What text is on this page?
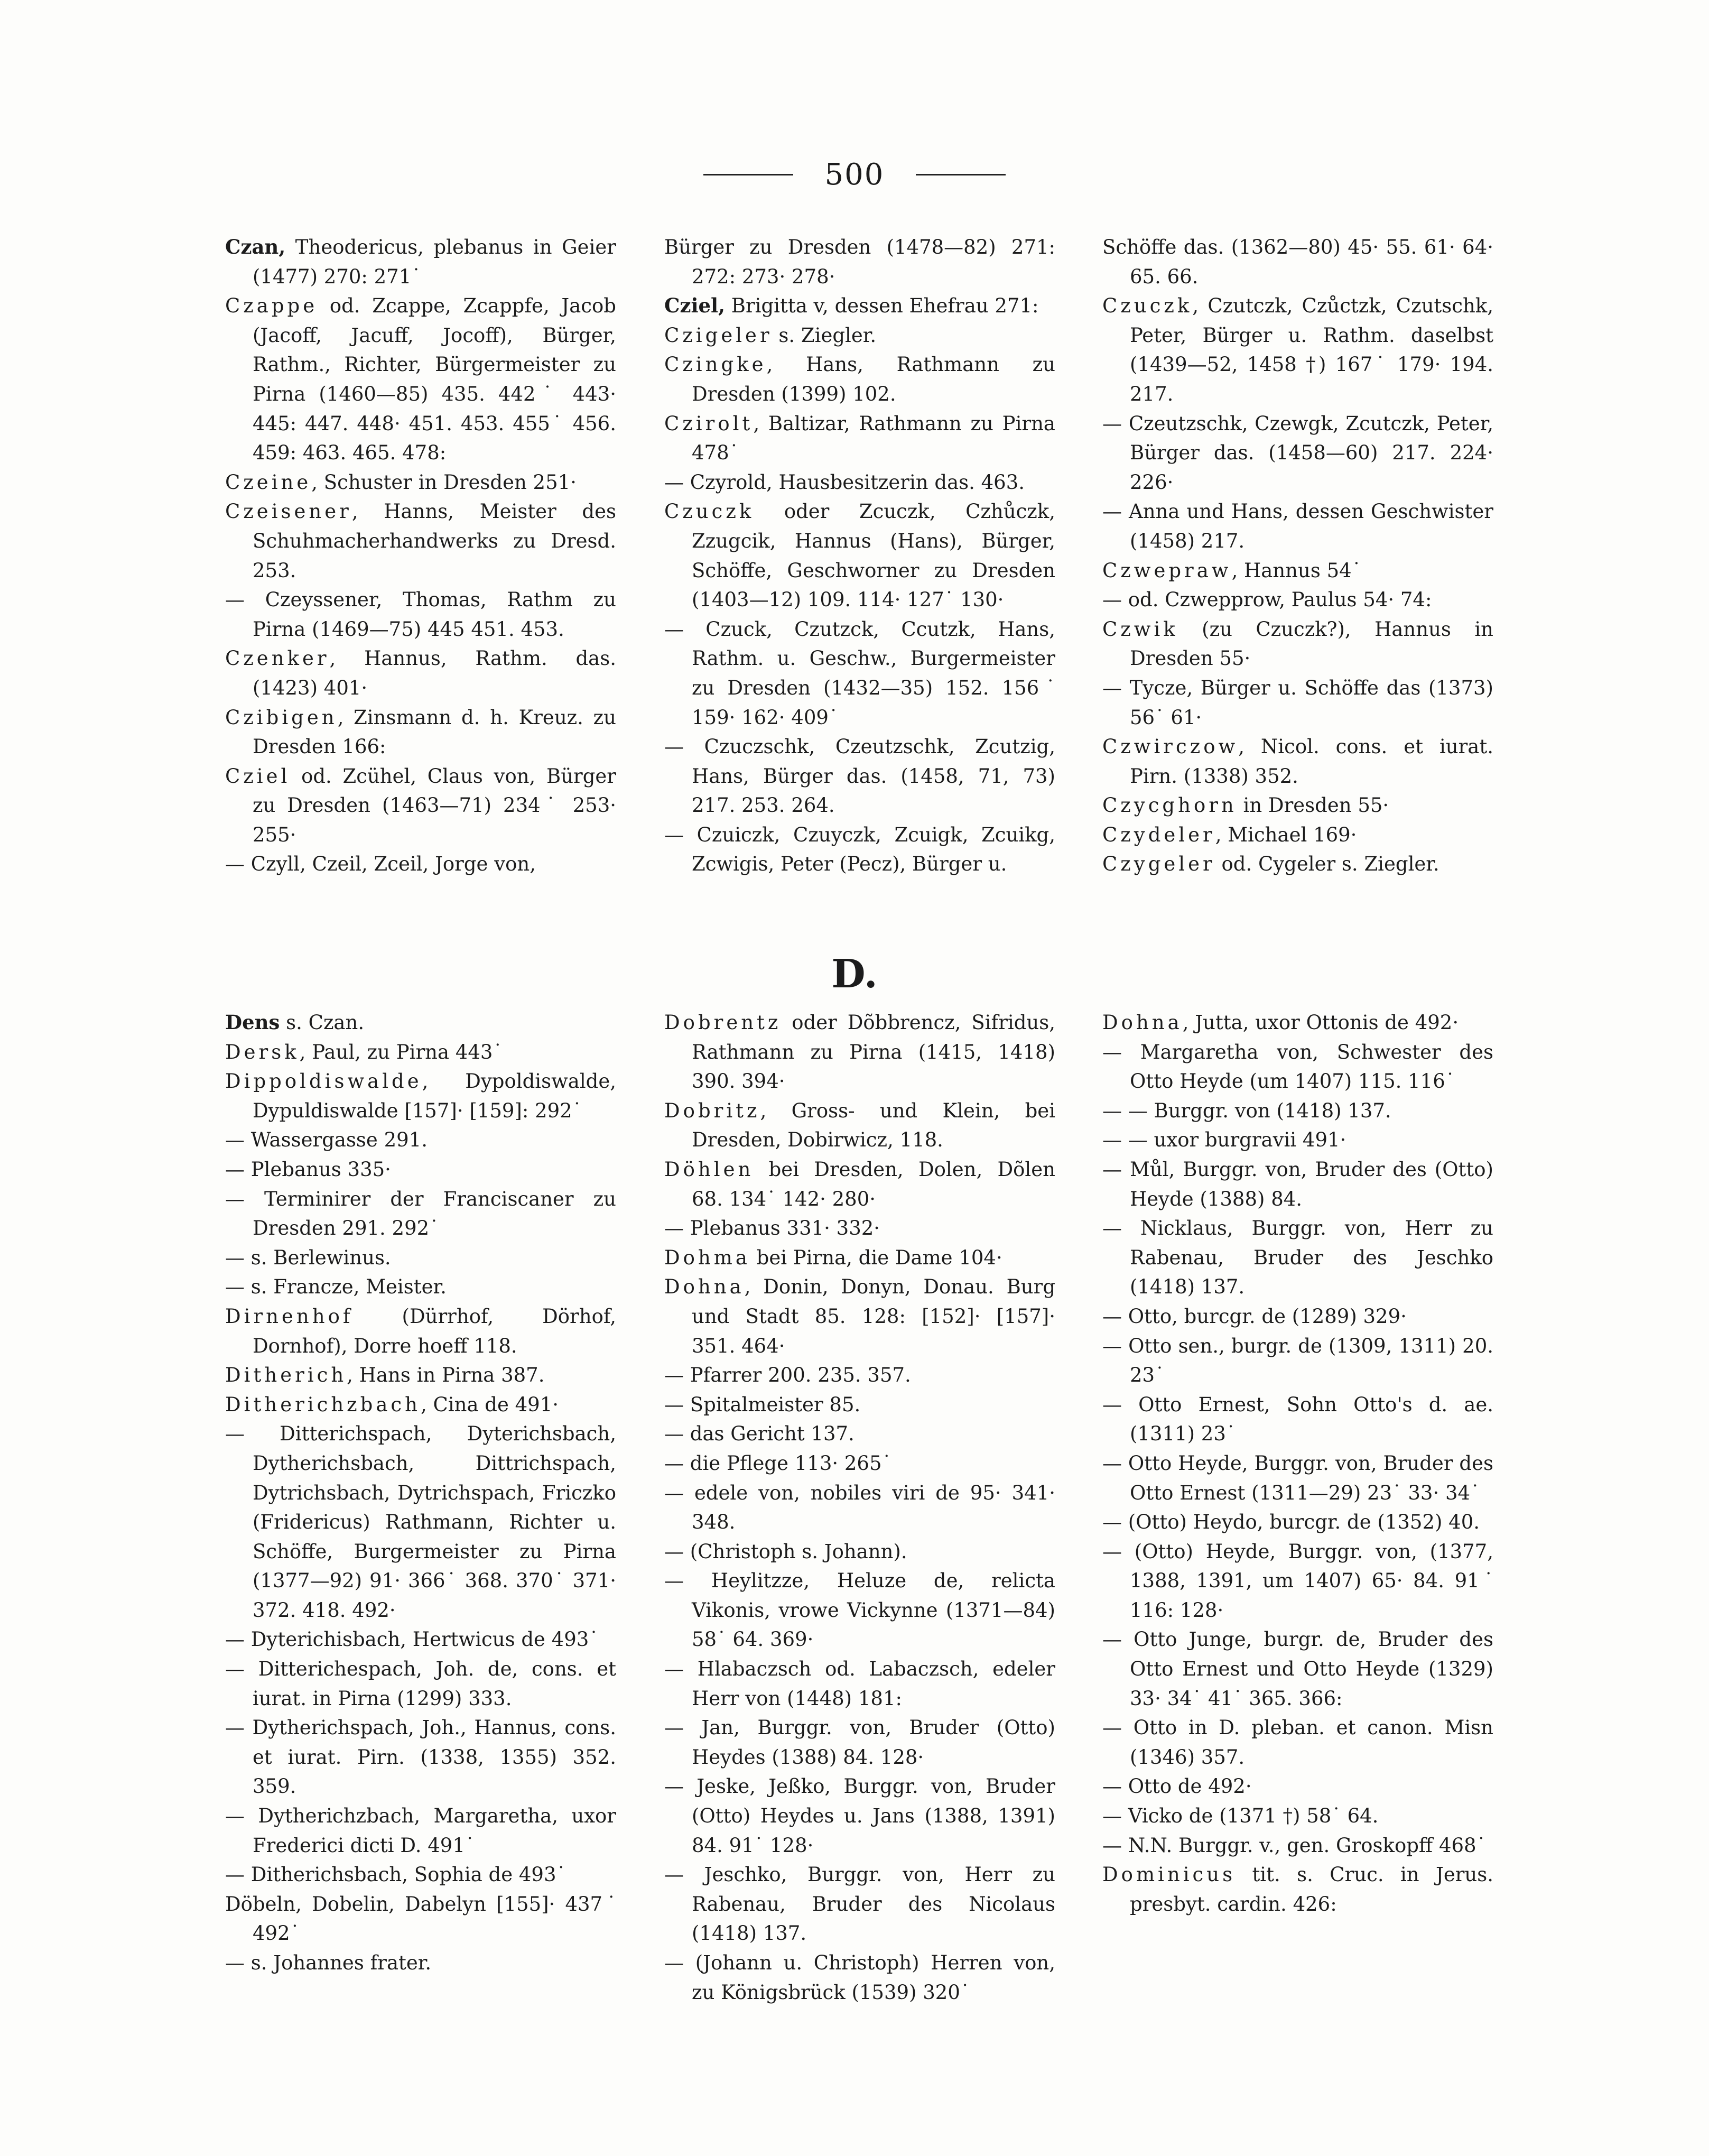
500
Czan, Theodericus, plebanus in Geier (1477) 270: 271˙
Czappe od. Zcappe, Zcappfe, Jacob (Jacoff, Jacuff, Jocoff), Bürger, Rathm., Richter, Bürgermeister zu Pirna (1460—85) 435. 442˙ 443· 445: 447. 448· 451. 453. 455˙ 456. 459: 463. 465. 478:
Czeine, Schuster in Dresden 251·
Czeisener, Hanns, Meister des Schuhmacherhandwerks zu Dresd. 253.
— Czeyssener, Thomas, Rathm zu Pirna (1469—75) 445 451. 453.
Czenker, Hannus, Rathm. das. (1423) 401·
Czibigen, Zinsmann d. h. Kreuz. zu Dresden 166:
Cziel od. Zcühel, Claus von, Bürger zu Dresden (1463—71) 234˙ 253· 255·
— Czyll, Czeil, Zceil, Jorge von,
Bürger zu Dresden (1478—82) 271: 272: 273· 278·
Cziel, Brigitta v, dessen Ehefrau 271:
Czigeler s. Ziegler.
Czingke, Hans, Rathmann zu Dresden (1399) 102.
Czirolt, Baltizar, Rathmann zu Pirna 478˙
— Czyrold, Hausbesitzerin das. 463.
Czuczk oder Zcuczk, Czhůczk, Zzugcik, Hannus (Hans), Bürger, Schöffe, Geschworner zu Dresden (1403—12) 109. 114· 127˙ 130·
— Czuck, Czutzck, Ccutzk, Hans, Rathm. u. Geschw., Burgermeister zu Dresden (1432—35) 152. 156˙ 159· 162· 409˙
— Czuczschk, Czeutzschk, Zcutzig, Hans, Bürger das. (1458, 71, 73) 217. 253. 264.
— Czuiczk, Czuyczk, Zcuigk, Zcuikg, Zcwigis, Peter (Pecz), Bürger u.
Schöffe das. (1362—80) 45· 55. 61· 64· 65. 66.
Czuczk, Czutczk, Czůctzk, Czutschk, Peter, Bürger u. Rathm. daselbst (1439—52, 1458 †) 167˙ 179· 194. 217.
— Czeutzschk, Czewgk, Zcutczk, Peter, Bürger das. (1458—60) 217. 224· 226·
— Anna und Hans, dessen Geschwister (1458) 217.
Czwepraw, Hannus 54˙
— od. Czwepprow, Paulus 54· 74:
Czwik (zu Czuczk?), Hannus in Dresden 55·
— Tycze, Bürger u. Schöffe das (1373) 56˙ 61·
Czwirczow, Nicol. cons. et iurat. Pirn. (1338) 352.
Czycghorn in Dresden 55·
Czydeler, Michael 169·
Czygeler od. Cygeler s. Ziegler.
D.
Dens s. Czan.
Dersk, Paul, zu Pirna 443˙
Dippoldiswalde, Dypoldiswalde, Dypuldiswalde [157]· [159]: 292˙
— Wassergasse 291.
— Plebanus 335·
— Terminirer der Franciscaner zu Dresden 291. 292˙
— s. Berlewinus.
— s. Francze, Meister.
Dirnenhof (Dürrhof, Dörhof, Dornhof), Dorre hoeff 118.
Ditherich, Hans in Pirna 387.
Ditherichzbach, Cina de 491·
— Ditterichspach, Dyterichsbach, Dytherichsbach, Dittrichspach, Dytrichsbach, Dytrichspach, Friczko (Fridericus) Rathmann, Richter u. Schöffe, Burgermeister zu Pirna (1377—92) 91· 366˙ 368. 370˙ 371· 372. 418. 492·
— Dyterichisbach, Hertwicus de 493˙
— Ditterichespach, Joh. de, cons. et iurat. in Pirna (1299) 333.
— Dytherichspach, Joh., Hannus, cons. et iurat. Pirn. (1338, 1355) 352. 359.
— Dytherichzbach, Margaretha, uxor Frederici dicti D. 491˙
— Ditherichsbach, Sophia de 493˙
Döbeln, Dobelin, Dabelyn [155]· 437˙ 492˙
— s. Johannes frater.
Dobrentz oder Dõbbrencz, Sifridus, Rathmann zu Pirna (1415, 1418) 390. 394·
Dobritz, Gross- und Klein, bei Dresden, Dobirwicz, 118.
Döhlen bei Dresden, Dolen, Dõlen 68. 134˙ 142· 280·
— Plebanus 331· 332·
Dohma bei Pirna, die Dame 104·
Dohna, Donin, Donyn, Donau. Burg und Stadt 85. 128: [152]· [157]· 351. 464·
— Pfarrer 200. 235. 357.
— Spitalmeister 85.
— das Gericht 137.
— die Pflege 113· 265˙
— edele von, nobiles viri de 95· 341· 348.
— (Christoph s. Johann).
— Heylitzze, Heluze de, relicta Vikonis, vrowe Vickynne (1371—84) 58˙ 64. 369·
— Hlabaczsch od. Labaczsch, edeler Herr von (1448) 181:
— Jan, Burggr. von, Bruder (Otto) Heydes (1388) 84. 128·
— Jeske, Jeßko, Burggr. von, Bruder (Otto) Heydes u. Jans (1388, 1391) 84. 91˙ 128·
— Jeschko, Burggr. von, Herr zu Rabenau, Bruder des Nicolaus (1418) 137.
— (Johann u. Christoph) Herren von, zu Königsbrück (1539) 320˙
Dohna, Jutta, uxor Ottonis de 492·
— Margaretha von, Schwester des Otto Heyde (um 1407) 115. 116˙
— — Burggr. von (1418) 137.
— — uxor burgravii 491·
— Můl, Burggr. von, Bruder des (Otto) Heyde (1388) 84.
— Nicklaus, Burggr. von, Herr zu Rabenau, Bruder des Jeschko (1418) 137.
— Otto, burcgr. de (1289) 329·
— Otto sen., burgr. de (1309, 1311) 20. 23˙
— Otto Ernest, Sohn Otto's d. ae. (1311) 23˙
— Otto Heyde, Burggr. von, Bruder des Otto Ernest (1311—29) 23˙ 33· 34˙
— (Otto) Heydo, burcgr. de (1352) 40.
— (Otto) Heyde, Burggr. von, (1377, 1388, 1391, um 1407) 65· 84. 91˙ 116: 128·
— Otto Junge, burgr. de, Bruder des Otto Ernest und Otto Heyde (1329) 33· 34˙ 41˙ 365. 366:
— Otto in D. pleban. et canon. Misn (1346) 357.
— Otto de 492·
— Vicko de (1371 †) 58˙ 64.
— N.N. Burggr. v., gen. Groskopff 468˙
Dominicus tit. s. Cruc. in Jerus. presbyt. cardin. 426:
